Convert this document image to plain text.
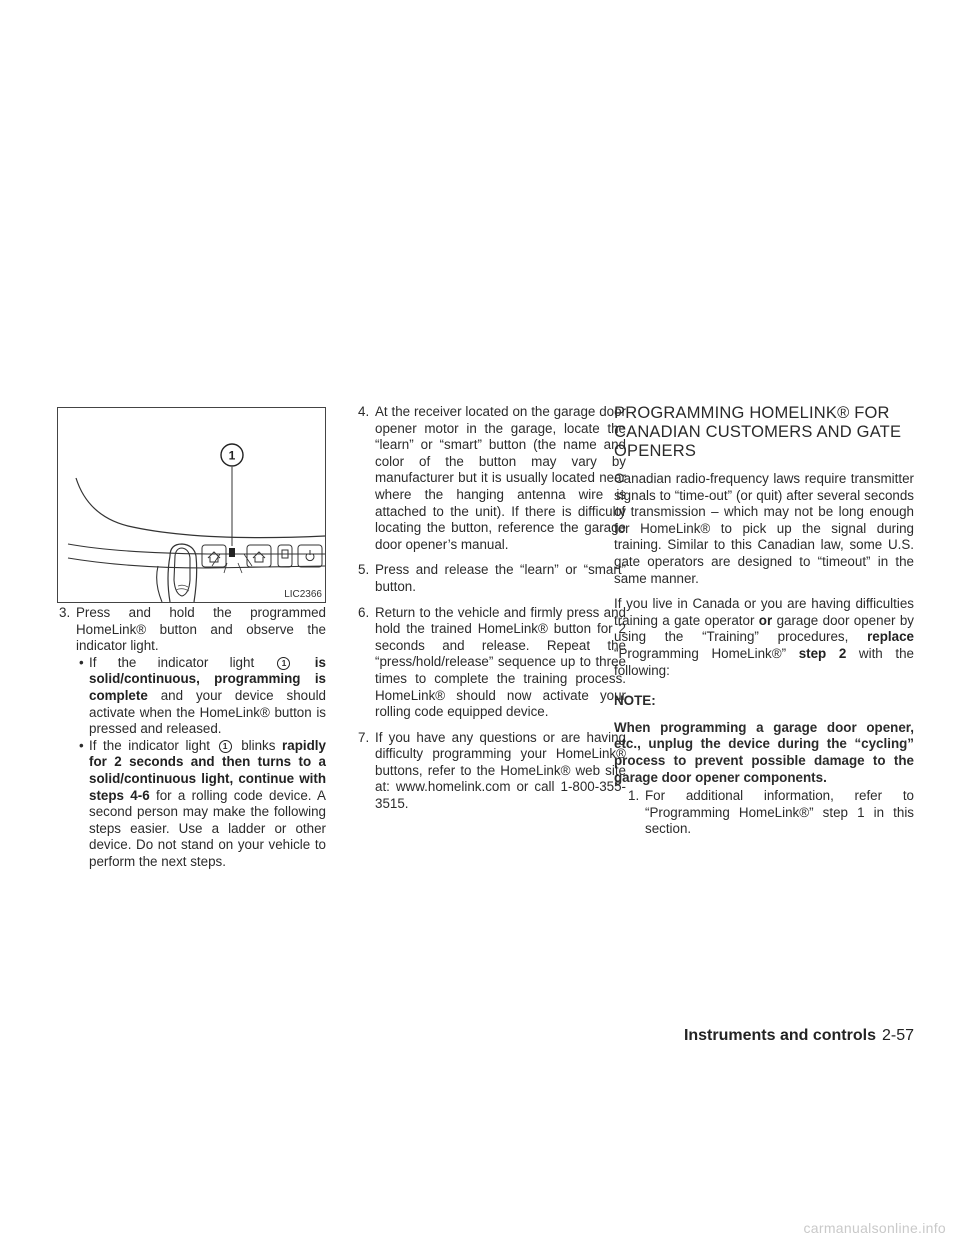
1
LIC2366
3. Press and hold the programmed HomeLink® button and observe the indicator light.
• If the indicator light	1 is solid/continuous, programming is complete and your device should activate when the HomeLink® button is pressed and released.
• If the indicator light 1 blinks rapidly for 2 seconds and then turns to a solid/continuous light, continue with steps 4-6 for a rolling code device. A second person may make the following steps easier. Use a ladder or other device. Do not stand on your vehicle to perform the next steps.
4. At the receiver located on the garage door opener motor in the garage, locate the “learn” or “smart” button (the name and color of the button may vary by manufacturer but it is usually located near where the hanging antenna wire is attached to the unit). If there is difficulty locating the button, reference the garage door opener’s manual.
5. Press and release the “learn” or “smart” button.
6. Return to the vehicle and firmly press and hold the trained HomeLink® button for 2 seconds and release. Repeat the “press/hold/release” sequence up to three times to complete the training process. HomeLink® should now activate your rolling code equipped device.
7. If you have any questions or are having difficulty programming your HomeLink® buttons, refer to the HomeLink® web site at: www.homelink.com or call 1-800-355-3515.
PROGRAMMING HOMELINK® FOR CANADIAN CUSTOMERS AND GATE OPENERS
Canadian radio-frequency laws require transmitter signals to “time-out” (or quit) after several seconds of transmission – which may not be long enough for HomeLink® to pick up the signal during training. Similar to this Canadian law, some U.S. gate operators are designed to “timeout” in the same manner.
If you live in Canada or you are having difficulties training a gate operator or garage door opener by using the “Training” procedures, replace “Programming HomeLink®” step 2 with the following:
NOTE:
When programming a garage door opener, etc., unplug the device during the “cycling” process to prevent possible damage to the garage door opener components.
1. For additional information, refer to “Programming HomeLink®” step 1 in this section.
Instruments and controls 2-57
carmanualsonline.info
